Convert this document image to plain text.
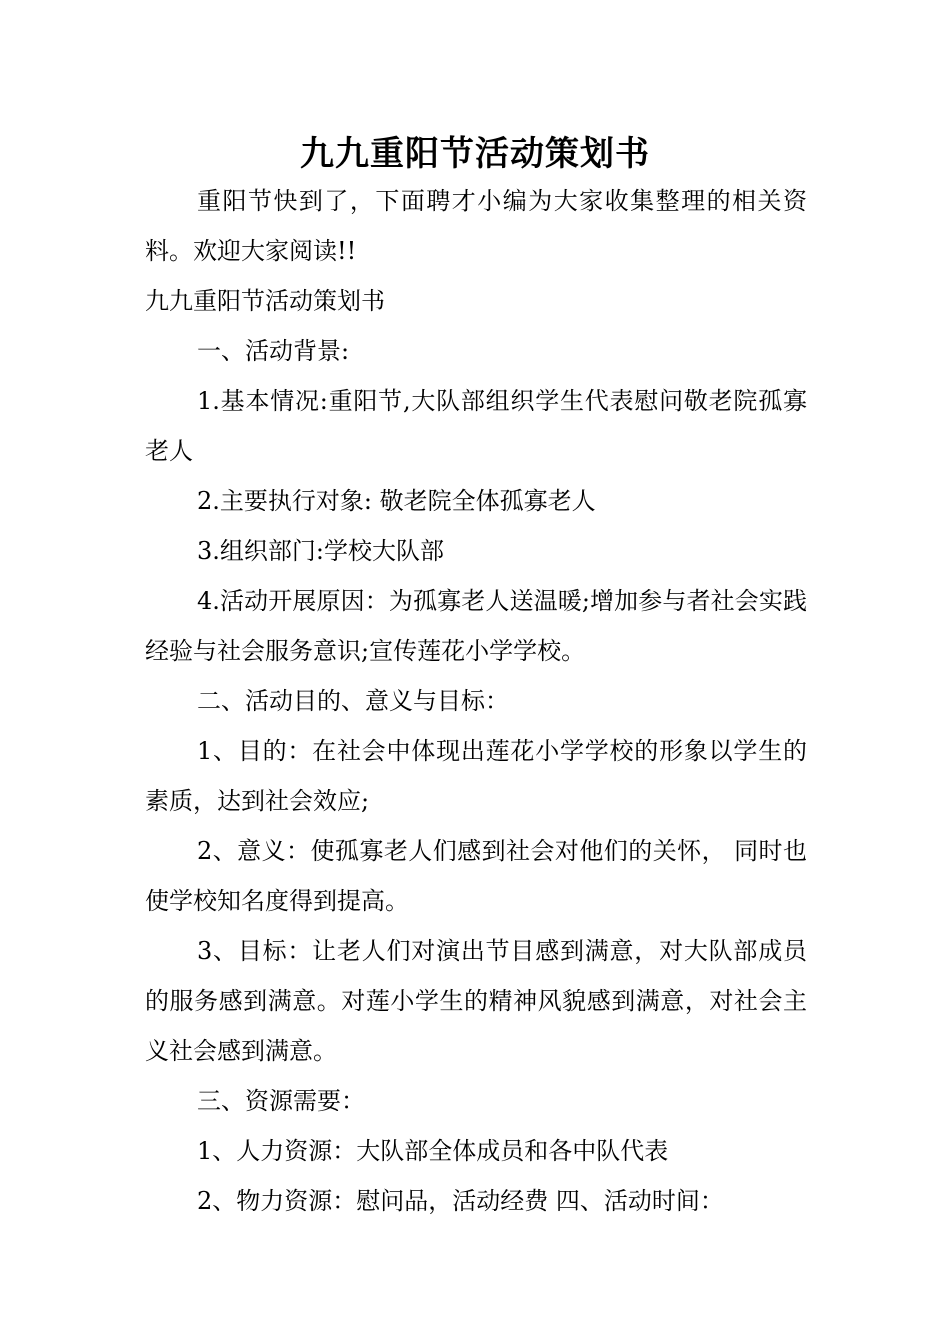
九九重阳节活动策划书

重阳节快到了，下面聘才小编为大家收集整理的相关资料。欢迎大家阅读!!

九九重阳节活动策划书

一、活动背景:

1.基本情况:重阳节,大队部组织学生代表慰问敬老院孤寡老人

2.主要执行对象: 敬老院全体孤寡老人

3.组织部门:学校大队部

4.活动开展原因：为孤寡老人送温暖;增加参与者社会实践经验与社会服务意识;宣传莲花小学学校。

二、活动目的、意义与目标：

1、目的：在社会中体现出莲花小学学校的形象以学生的素质，达到社会效应;

2、意义：使孤寡老人们感到社会对他们的关怀， 同时也使学校知名度得到提高。

3、目标：让老人们对演出节目感到满意，对大队部成员的服务感到满意。对莲小学生的精神风貌感到满意，对社会主义社会感到满意。

三、资源需要：

1、人力资源：大队部全体成员和各中队代表

2、物力资源：慰问品，活动经费 四、活动时间：
